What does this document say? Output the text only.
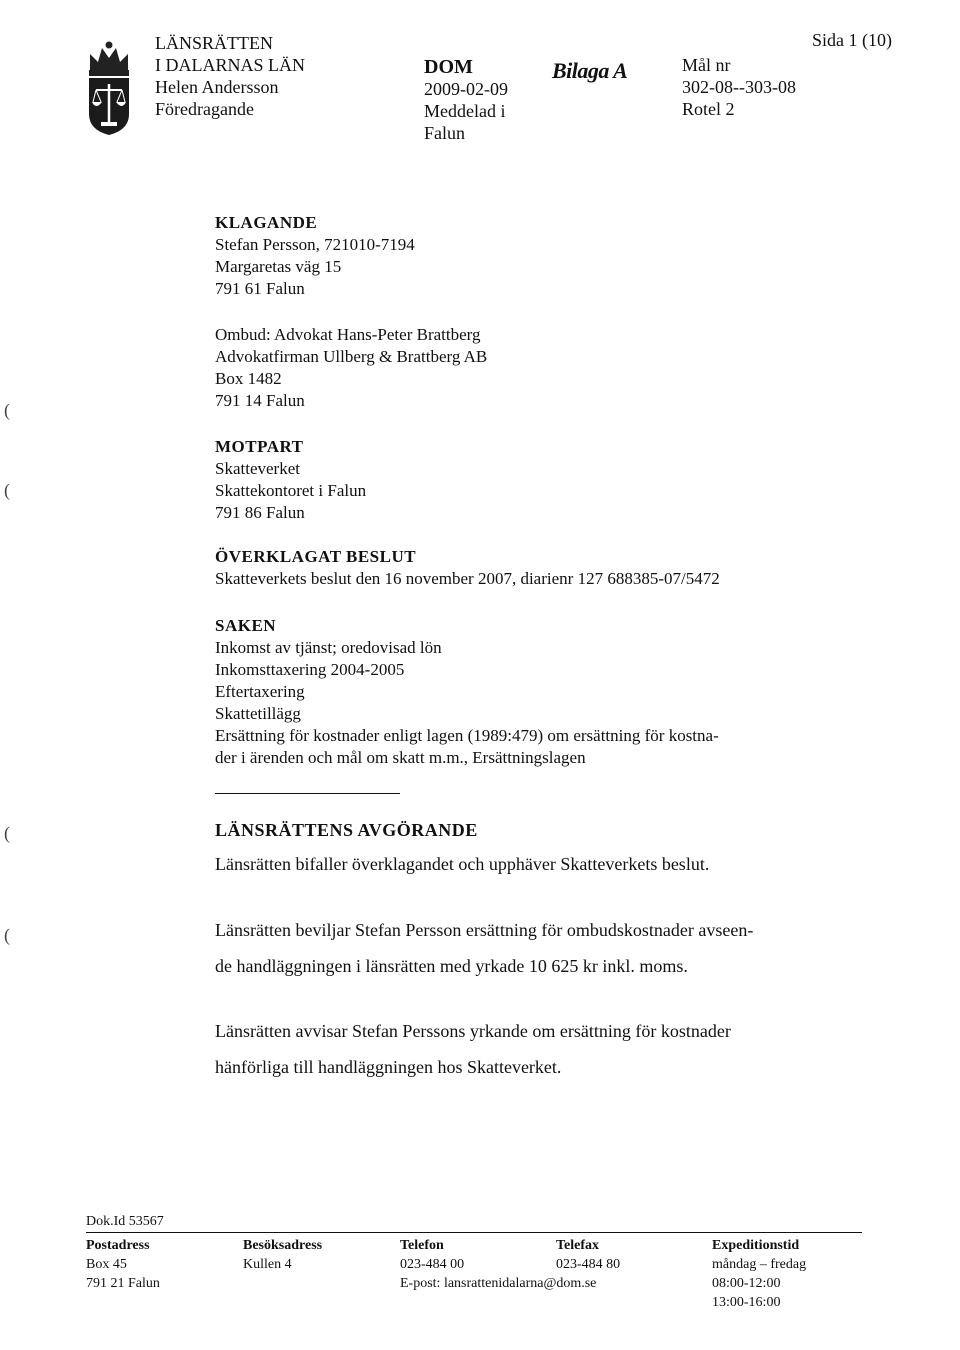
LÄNSRÄTTEN
I DALARNAS LÄN
Helen Andersson
Föredragande
DOM
2009-02-09
Meddelad i
Falun
Bilaga A	Mål nr
302-08--303-08
Rotel 2
Sida 1 (10)
(
(
(
(
KLAGANDE
Stefan Persson, 721010-7194
Margaretas väg 15
791 61 Falun
Ombud: Advokat Hans-Peter Brattberg
Advokatfirman Ullberg & Brattberg AB
Box 1482
791 14 Falun
MOTPART
Skatteverket
Skattekontoret i Falun
791 86 Falun
ÖVERKLAGAT BESLUT
Skatteverkets beslut den 16 november 2007, diarienr 127 688385-07/5472
SAKEN
Inkomst av tjänst; oredovisad lön
Inkomsttaxering 2004-2005
Eftertaxering
Skattetillägg
Ersättning för kostnader enligt lagen (1989:479) om ersättning för kostna-
der i ärenden och mål om skatt m.m., Ersättningslagen
LÄNSRÄTTENS AVGÖRANDE
Länsrätten bifaller överklagandet och upphäver Skatteverkets beslut.
Länsrätten beviljar Stefan Persson ersättning för ombudskostnader avseen-
de handläggningen i länsrätten med yrkade 10 625 kr inkl. moms.
Länsrätten avvisar Stefan Perssons yrkande om ersättning för kostnader
hänförliga till handläggningen hos Skatteverket.
Dok.Id 53567
Postadress
Box 45
791 21 Falun
Besöksadress
Kullen 4
Telefon
023-484 00
Telefax
023-484 80
E-post: lansrattenidalarna@dom.se
Expeditionstid
måndag – fredag
08:00-12:00
13:00-16:00
